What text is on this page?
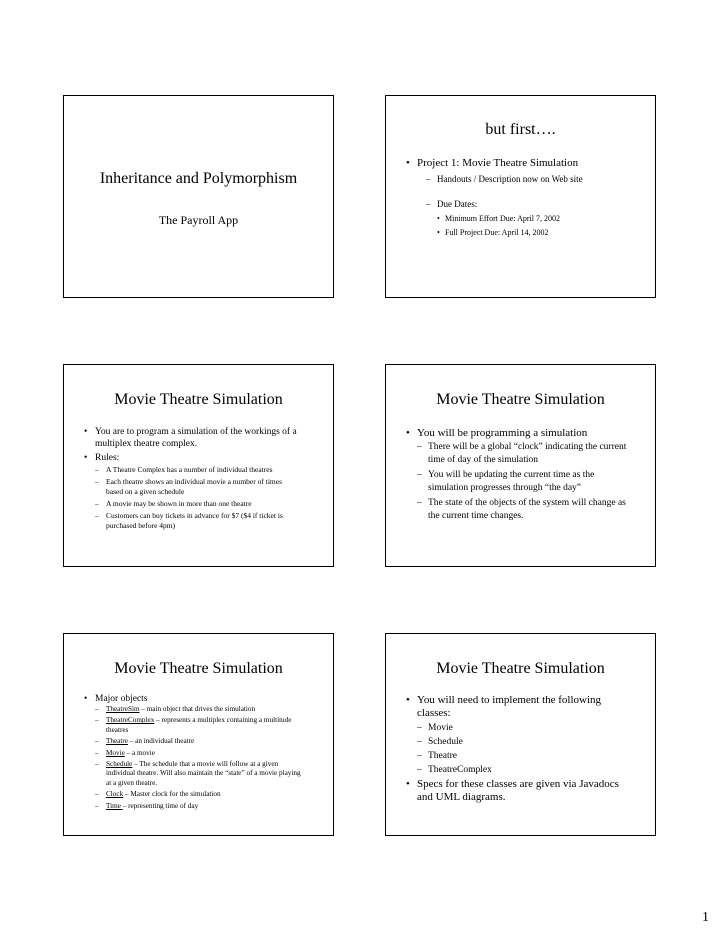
Inheritance and Polymorphism
The Payroll App
but first….
• Project 1: Movie Theatre Simulation
– Handouts / Description now on Web site
– Due Dates:
• Minimum Effort Due: April 7, 2002
• Full Project Due: April 14, 2002
Movie Theatre Simulation
• You are to program a simulation of the workings of a multiplex theatre complex.
• Rules:
– A Theatre Complex has a number of individual theatres
– Each theatre shows an individual movie a number of times based on a given schedule
– A movie may be shown in more than one theatre
– Customers can buy tickets in advance for $7 ($4 if ticket is purchased before 4pm)
Movie Theatre Simulation
• You will be programming a simulation
– There will be a global “clock” indicating the current time of day of the simulation
– You will be updating the current time as the simulation progresses through “the day”
– The state of the objects of the system will change as the current time changes.
Movie Theatre Simulation
• Major objects
– TheatreSim – main object that drives the simulation
– TheatreComplex – represents a multiplex containing a multitude theatres
– Theatre – an individual theatre
– Movie – a movie
– Schedule – The schedule that a movie will follow at a given individual theatre. Will also maintain the “state” of a movie playing at a given theatre.
– Clock – Master clock for the simulation
– Time – representing time of day
Movie Theatre Simulation
• You will need to implement the following classes:
– Movie
– Schedule
– Theatre
– TheatreComplex
• Specs for these classes are given via Javadocs and UML diagrams.
1
